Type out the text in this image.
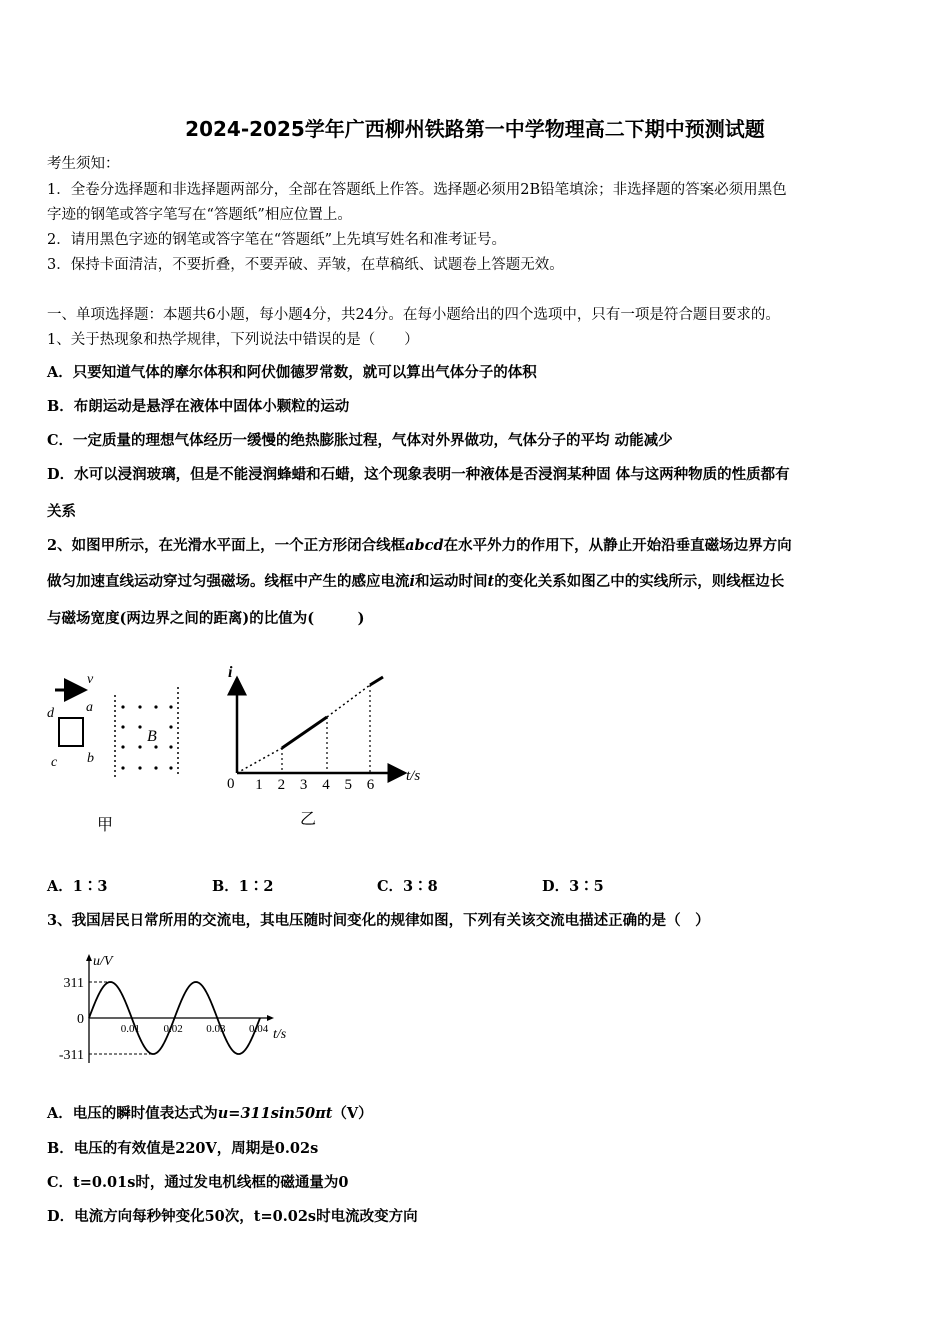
2024-2025学年广西柳州铁路第一中学物理高二下期中预测试题
考生须知：
1．全卷分选择题和非选择题两部分，全部在答题纸上作答。选择题必须用2B铅笔填涂；非选择题的答案必须用黑色
字迹的钢笔或答字笔写在“答题纸”相应位置上。
2．请用黑色字迹的钢笔或答字笔在“答题纸”上先填写姓名和准考证号。
3．保持卡面清洁，不要折叠，不要弄破、弄皱，在草稿纸、试题卷上答题无效。
一、单项选择题：本题共6小题，每小题4分，共24分。在每小题给出的四个选项中，只有一项是符合题目要求的。
1、关于热现象和热学规律，下列说法中错误的是（　　）
A．只要知道气体的摩尔体积和阿伏伽德罗常数，就可以算出气体分子的体积
B．布朗运动是悬浮在液体中固体小颗粒的运动
C．一定质量的理想气体经历一缓慢的绝热膨胀过程，气体对外界做功，气体分子的平均 动能减少
D．水可以浸润玻璃，但是不能浸润蜂蜡和石蜡，这个现象表明一种液体是否浸润某种固 体与这两种物质的性质都有
关系
2、如图甲所示，在光滑水平面上，一个正方形闭合线框abcd在水平外力的作用下，从静止开始沿垂直磁场边界方向
做匀加速直线运动穿过匀强磁场。线框中产生的感应电流i和运动时间t的变化关系如图乙中的实线所示，则线框边长
与磁场宽度(两边界之间的距离)的比值为(　　　)
v
d a
b
c
B
甲
i
t/s
0 1 2 3 4 5 6
乙
A．1∶3	B．1∶2	C．3∶8	D．3∶5
3、我国居民日常所用的交流电，其电压随时间变化的规律如图，下列有关该交流电描述正确的是（　）
u/V
t/s
311
0
-311
0.01 0.02 0.03 0.04
A．电压的瞬时值表达式为u=311sin50πt（V）
B．电压的有效值是220V，周期是0.02s
C．t=0.01s时，通过发电机线框的磁通量为0
D．电流方向每秒钟变化50次，t=0.02s时电流改变方向
